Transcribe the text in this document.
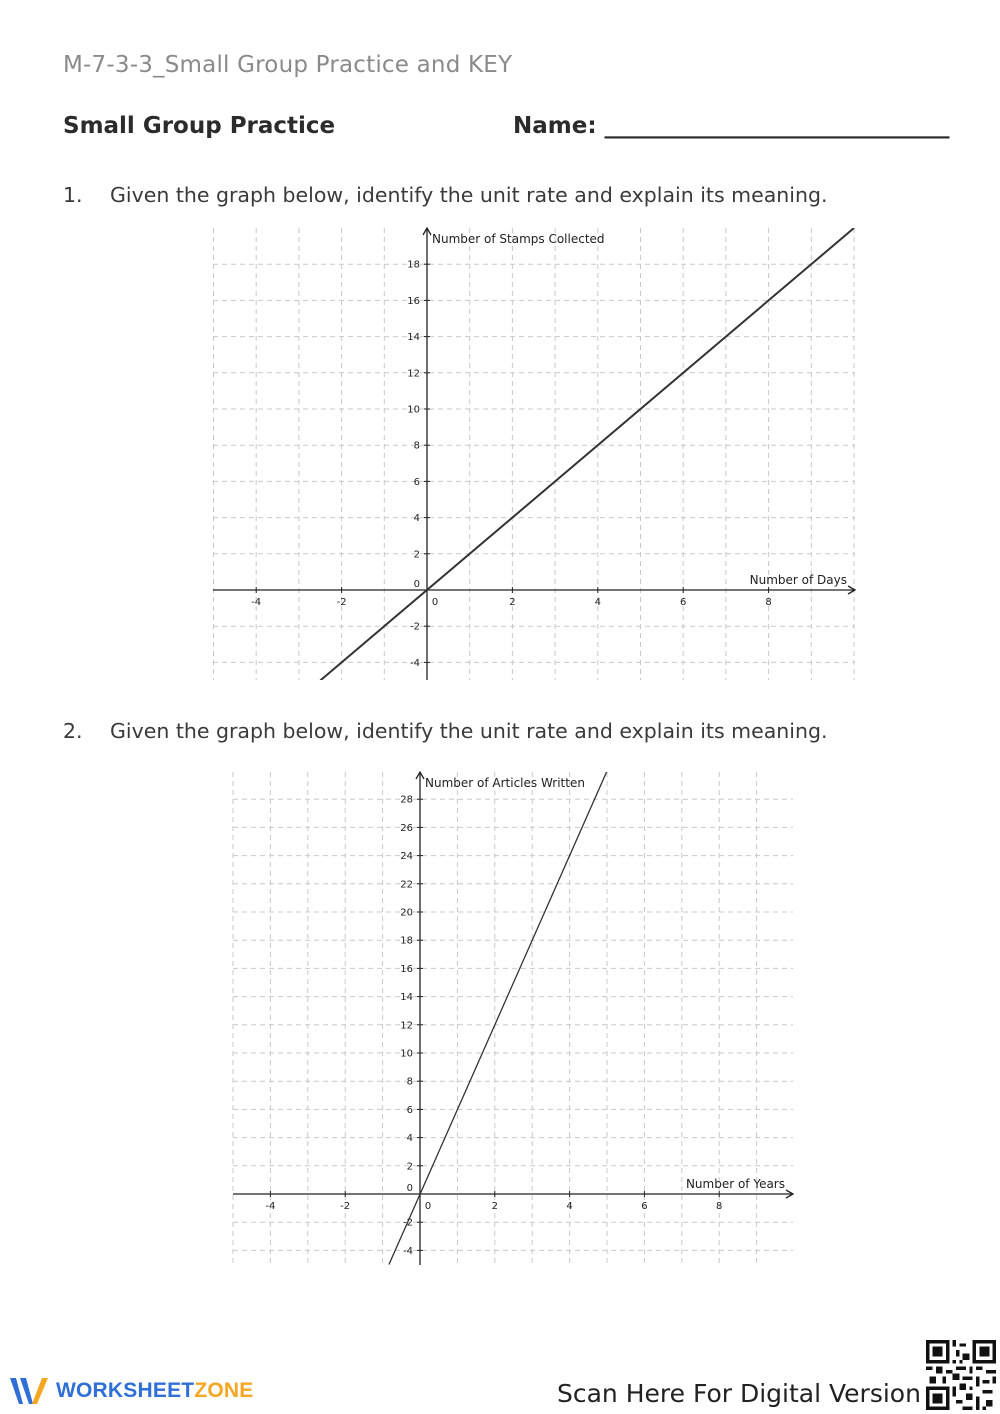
M-7-3-3_Small Group Practice and KEY
Small Group Practice	Name: ______________________________
1. Given the graph below, identify the unit rate and explain its meaning.
-4	-2	0	2	4	6	8
-4
-2
0
2
4
6
8
10
12
14
16
18
Number of Stamps Collected
Number of Days
2. Given the graph below, identify the unit rate and explain its meaning.
-4	-2	0	2	4	6	8
-4
-2
0
2
4
6
8
10
12
14
16
18
20
22
24
26
28
Number of Articles Written
Number of Years
WORKSHEETZONE	Scan Here For Digital Version
